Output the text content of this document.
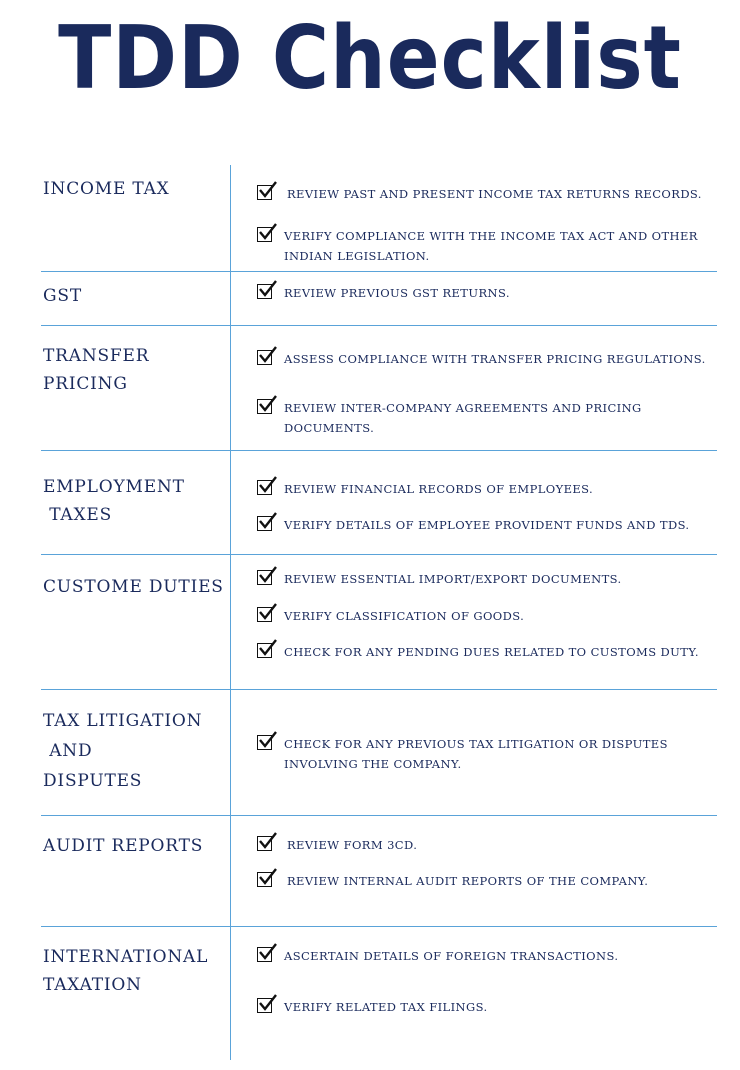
TDD Checklist
INCOME TAX
GST
TRANSFER
PRICING
EMPLOYMENT
TAXES
CUSTOME DUTIES
TAX LITIGATION
AND
DISPUTES
AUDIT REPORTS
INTERNATIONAL
TAXATION
REVIEW PAST AND PRESENT INCOME TAX RETURNS RECORDS.
VERIFY COMPLIANCE WITH THE INCOME TAX ACT AND OTHER INDIAN LEGISLATION.
REVIEW PREVIOUS GST RETURNS.
ASSESS COMPLIANCE WITH TRANSFER PRICING REGULATIONS.
REVIEW INTER-COMPANY AGREEMENTS AND PRICING DOCUMENTS.
REVIEW FINANCIAL RECORDS OF EMPLOYEES.
VERIFY DETAILS OF EMPLOYEE PROVIDENT FUNDS AND TDS.
REVIEW ESSENTIAL IMPORT/EXPORT DOCUMENTS.
VERIFY CLASSIFICATION OF GOODS.
CHECK FOR ANY PENDING DUES RELATED TO CUSTOMS DUTY.
CHECK FOR ANY PREVIOUS TAX LITIGATION OR DISPUTES INVOLVING THE COMPANY.
REVIEW FORM 3CD.
REVIEW INTERNAL AUDIT REPORTS OF THE COMPANY.
ASCERTAIN DETAILS OF FOREIGN TRANSACTIONS.
VERIFY RELATED TAX FILINGS.
